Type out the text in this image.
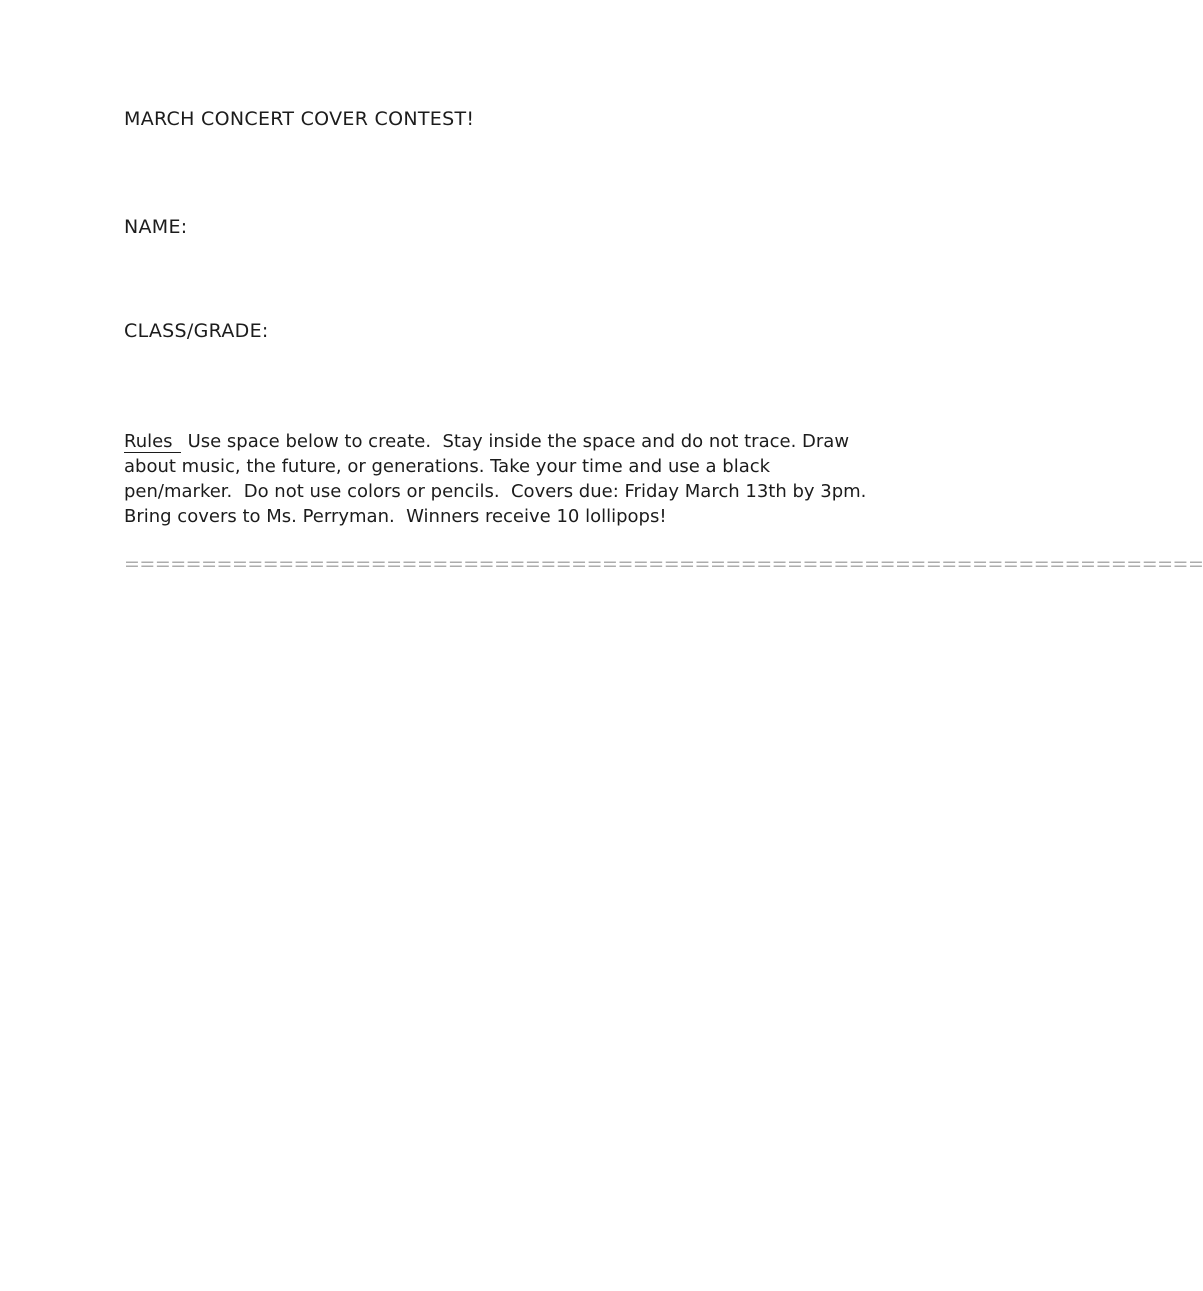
MARCH CONCERT COVER CONTEST!
NAME:
CLASS/GRADE:
Rules Use space below to create.  Stay inside the space and do not trace. Draw
about music, the future, or generations. Take your time and use a black
pen/marker.  Do not use colors or pencils.  Covers due: Friday March 13th by 3pm.
Bring covers to Ms. Perryman.  Winners receive 10 lollipops!
======================================================================
